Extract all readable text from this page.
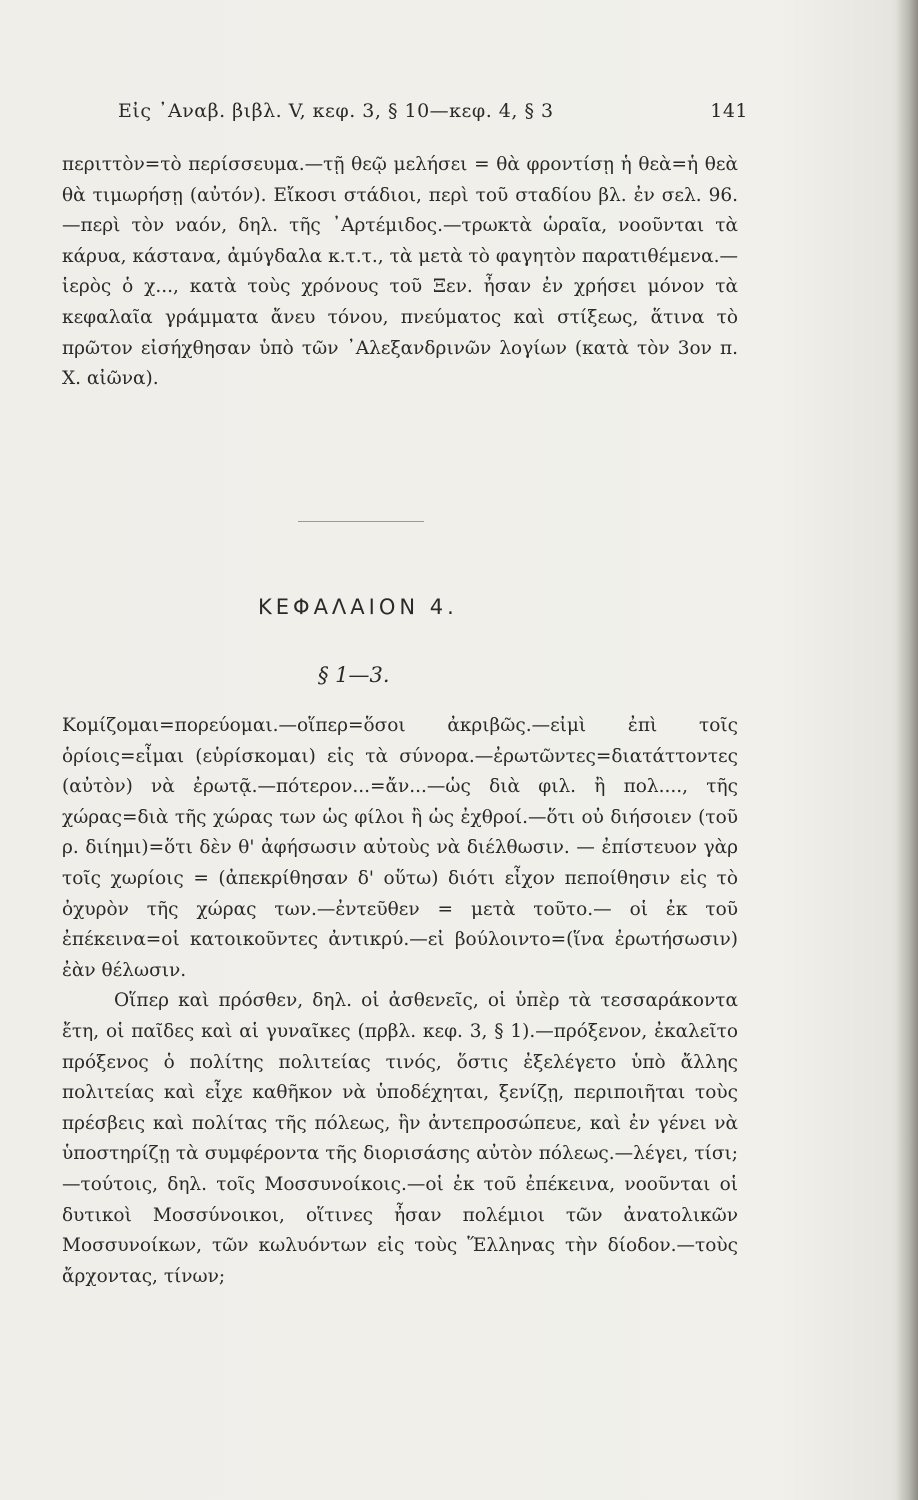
Εἰς ᾿Αναβ. βιβλ. V, κεφ. 3, § 10—κεφ. 4, § 3	141

περιττὸν=τὸ περίσσευμα.—τῇ θεῷ μελήσει = θὰ φροντίσῃ ἡ θεὰ=ἡ θεὰ θὰ τιμωρήσῃ (αὐτόν). Εἴκοσι στάδιοι, περὶ τοῦ σταδίου βλ. ἐν σελ. 96.—περὶ τὸν ναόν, δηλ. τῆς ᾿Αρτέμιδος.—τρωκτὰ ὡραῖα, νοοῦνται τὰ κάρυα, κάστανα, ἀμύγδαλα κ.τ.τ., τὰ μετὰ τὸ φαγητὸν παρατιθέμενα.—ἱερὸς ὁ χ..., κατὰ τοὺς χρόνους τοῦ Ξεν. ἦσαν ἐν χρήσει μόνον τὰ κεφαλαῖα γράμματα ἄνευ τόνου, πνεύματος καὶ στίξεως, ἅτινα τὸ πρῶτον εἰσήχθησαν ὑπὸ τῶν ᾿Αλεξανδρινῶν λογίων (κατὰ τὸν 3ον π. Χ. αἰῶνα).

ΚΕΦΑΛΑΙΟΝ 4.
§ 1—3.

Κομίζομαι=πορεύομαι.—οἵπερ=ὅσοι ἀκριβῶς.—εἰμὶ ἐπὶ τοῖς ὁρίοις=εἶμαι (εὑρίσκομαι) εἰς τὰ σύνορα.—ἐρωτῶντες=διατάττοντες (αὐτὸν) νὰ ἐρωτᾷ.—πότερον...=ἄν...—ὡς διὰ φιλ. ἢ πολ...., τῆς χώρας=διὰ τῆς χώρας των ὡς φίλοι ἢ ὡς ἐχθροί.—ὅτι οὐ διήσοιεν (τοῦ ρ. διίημι)=ὅτι δὲν θ' ἀφήσωσιν αὐτοὺς νὰ διέλθωσιν. — ἐπίστευον γὰρ τοῖς χωρίοις = (ἀπεκρίθησαν δ' οὕτω) διότι εἶχον πεποίθησιν εἰς τὸ ὀχυρὸν τῆς χώρας των.—ἐντεῦθεν = μετὰ τοῦτο.— οἱ ἐκ τοῦ ἐπέκεινα=οἱ κατοικοῦντες ἀντικρύ.—εἰ βούλοιντο=(ἵνα ἐρωτήσωσιν) ἐὰν θέλωσιν.

Οἵπερ καὶ πρόσθεν, δηλ. οἱ ἀσθενεῖς, οἱ ὑπὲρ τὰ τεσσαράκοντα ἔτη, οἱ παῖδες καὶ αἱ γυναῖκες (πρβλ. κεφ. 3, § 1).—πρόξενον, ἐκαλεῖτο πρόξενος ὁ πολίτης πολιτείας τινός, ὅστις ἐξελέγετο ὑπὸ ἄλλης πολιτείας καὶ εἶχε καθῆκον νὰ ὑποδέχηται, ξενίζῃ, περιποιῆται τοὺς πρέσβεις καὶ πολίτας τῆς πόλεως, ἣν ἀντεπροσώπευε, καὶ ἐν γένει νὰ ὑποστηρίζῃ τὰ συμφέροντα τῆς διορισάσης αὐτὸν πόλεως.—λέγει, τίσι;—τούτοις, δηλ. τοῖς Μοσσυνοίκοις.—οἱ ἐκ τοῦ ἐπέκεινα, νοοῦνται οἱ δυτικοὶ Μοσσύνοικοι, οἵτινες ἦσαν πολέμιοι τῶν ἀνατολικῶν Μοσσυνοίκων, τῶν κωλυόντων εἰς τοὺς Ἕλληνας τὴν δίοδον.—τοὺς ἄρχοντας, τίνων;
